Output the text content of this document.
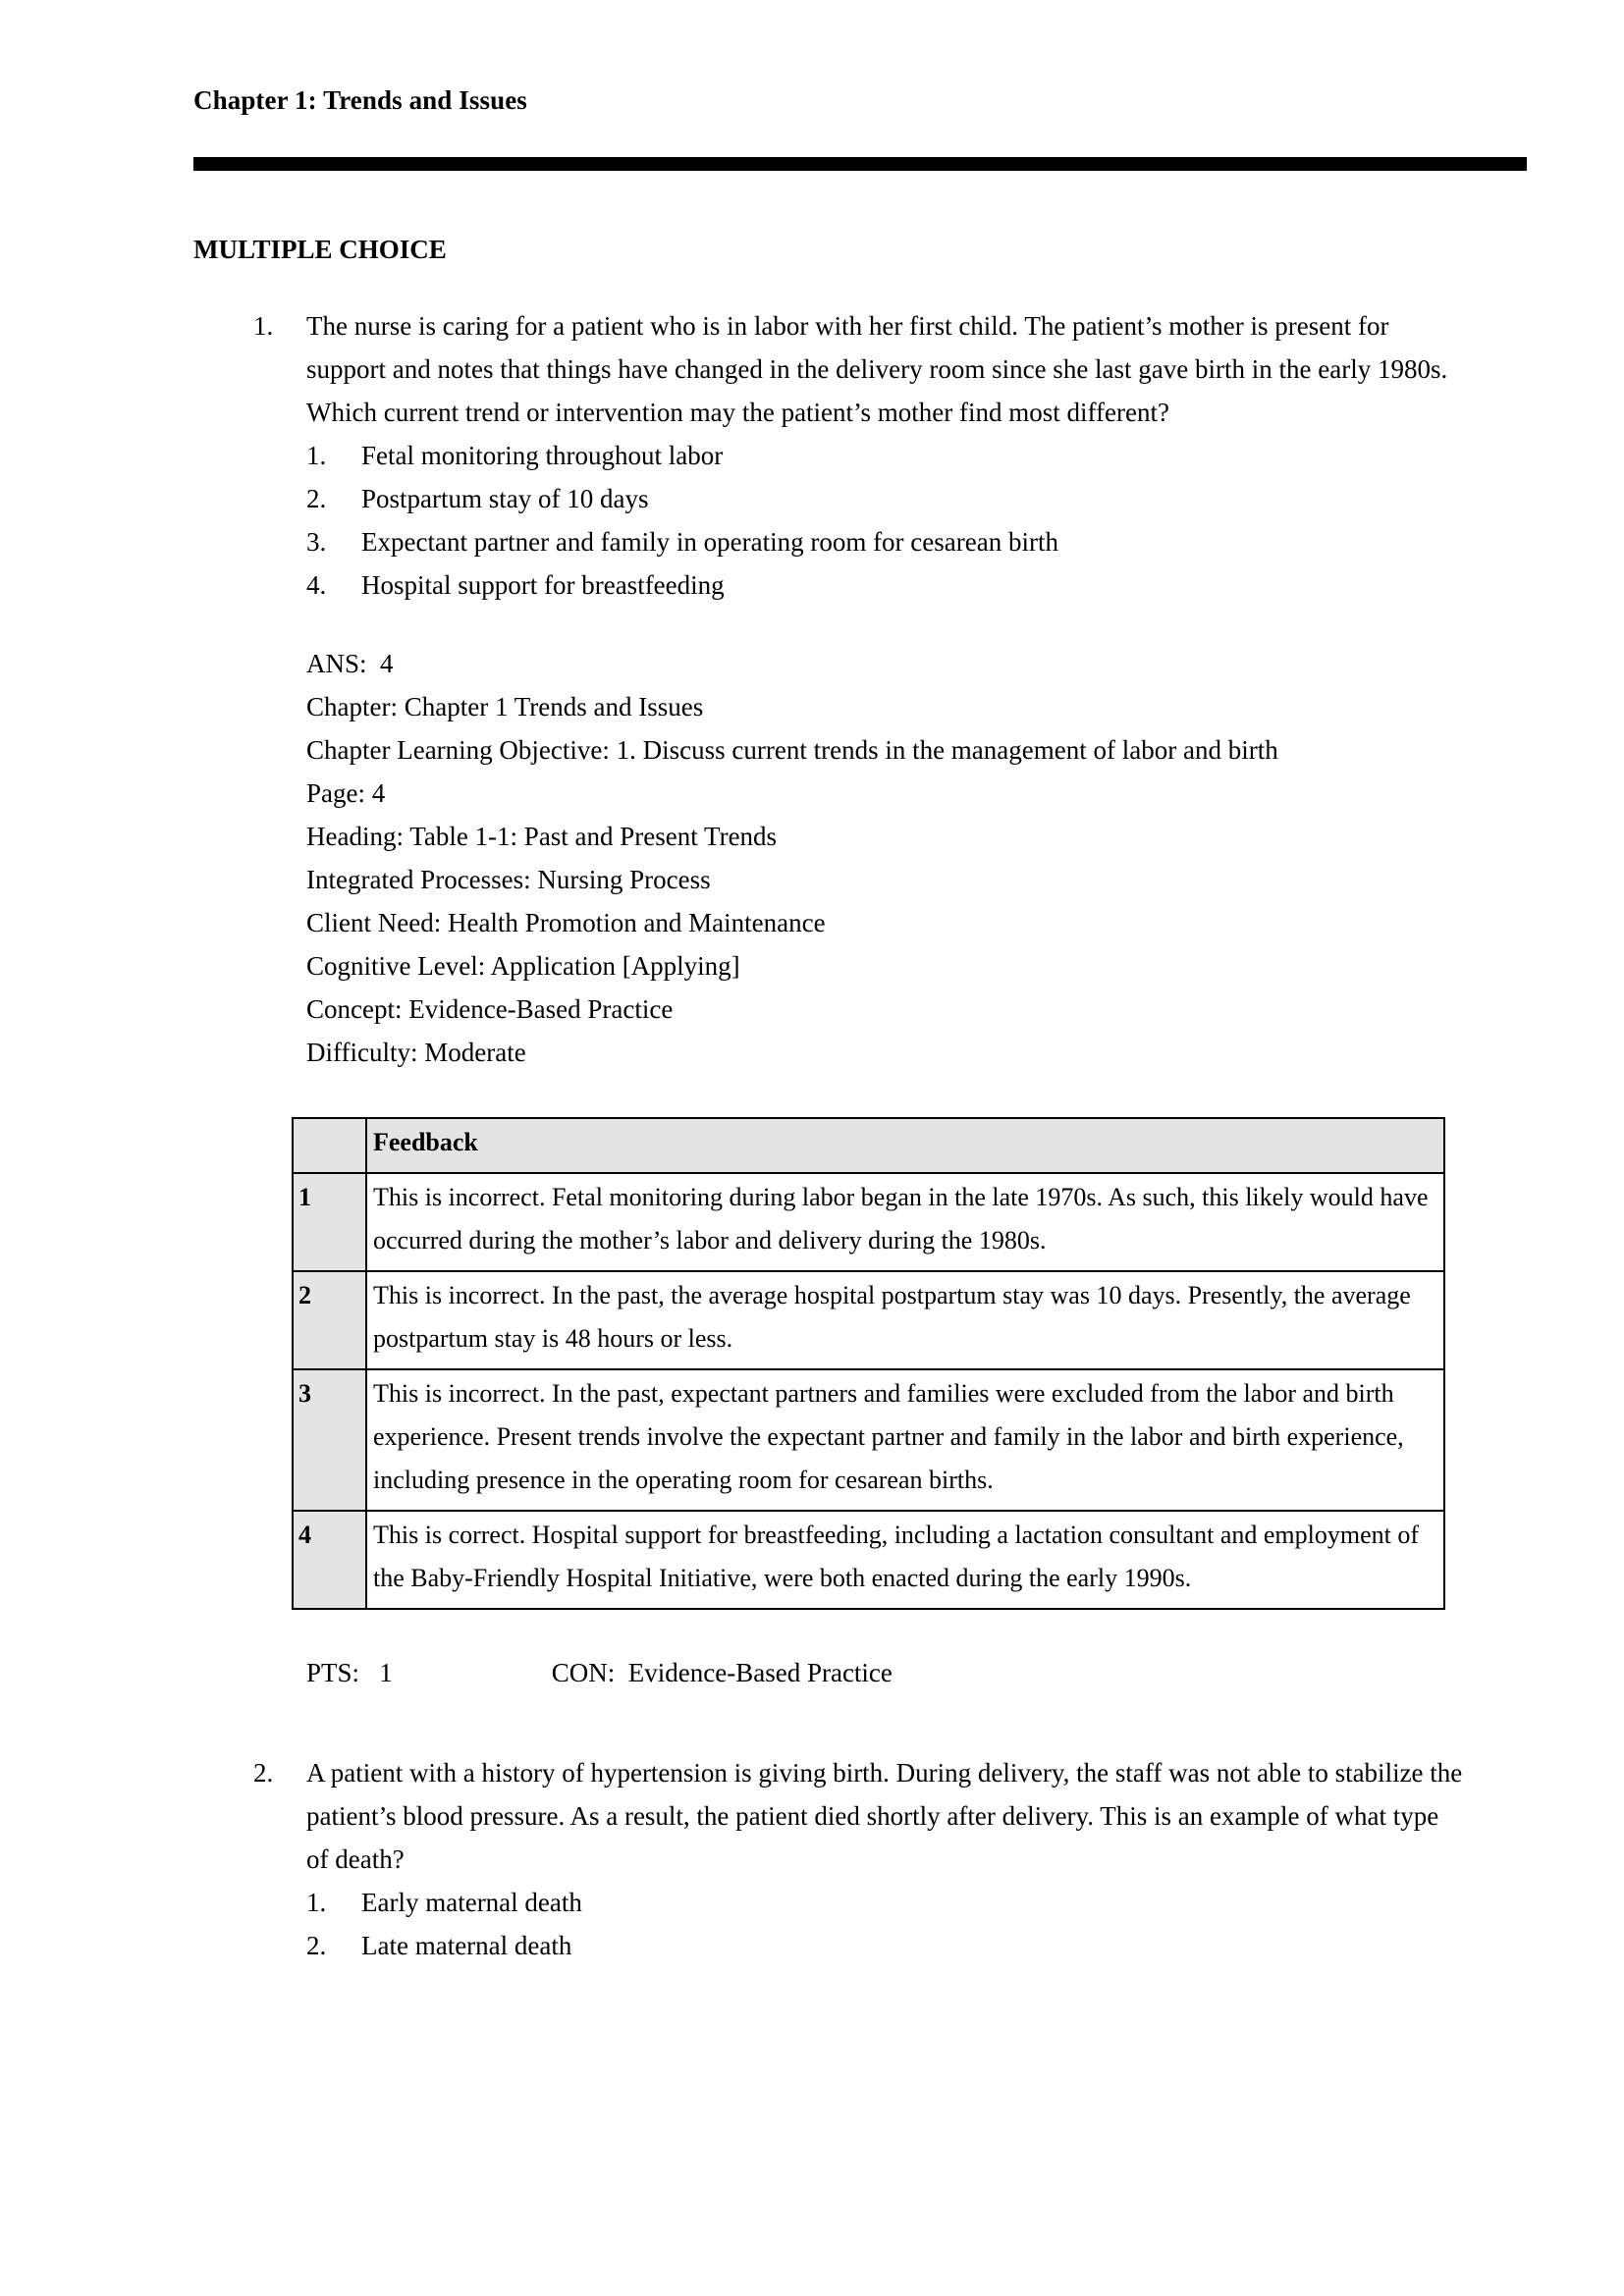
Chapter 1: Trends and Issues
MULTIPLE CHOICE
1.	The nurse is caring for a patient who is in labor with her first child. The patient’s mother is present for support and notes that things have changed in the delivery room since she last gave birth in the early 1980s. Which current trend or intervention may the patient’s mother find most different?
1.	Fetal monitoring throughout labor
2.	Postpartum stay of 10 days
3.	Expectant partner and family in operating room for cesarean birth
4.	Hospital support for breastfeeding
ANS:  4
Chapter: Chapter 1 Trends and Issues
Chapter Learning Objective: 1. Discuss current trends in the management of labor and birth
Page: 4
Heading: Table 1-1: Past and Present Trends
Integrated Processes: Nursing Process
Client Need: Health Promotion and Maintenance
Cognitive Level: Application [Applying]
Concept: Evidence-Based Practice
Difficulty: Moderate
	Feedback
1	This is incorrect. Fetal monitoring during labor began in the late 1970s. As such, this likely would have occurred during the mother’s labor and delivery during the 1980s.
2	This is incorrect. In the past, the average hospital postpartum stay was 10 days. Presently, the average postpartum stay is 48 hours or less.
3	This is incorrect. In the past, expectant partners and families were excluded from the labor and birth experience. Present trends involve the expectant partner and family in the labor and birth experience, including presence in the operating room for cesarean births.
4	This is correct. Hospital support for breastfeeding, including a lactation consultant and employment of the Baby-Friendly Hospital Initiative, were both enacted during the early 1990s.
PTS:   1                        CON:  Evidence-Based Practice
2.	A patient with a history of hypertension is giving birth. During delivery, the staff was not able to stabilize the patient’s blood pressure. As a result, the patient died shortly after delivery. This is an example of what type of death?
1.	Early maternal death
2.	Late maternal death
